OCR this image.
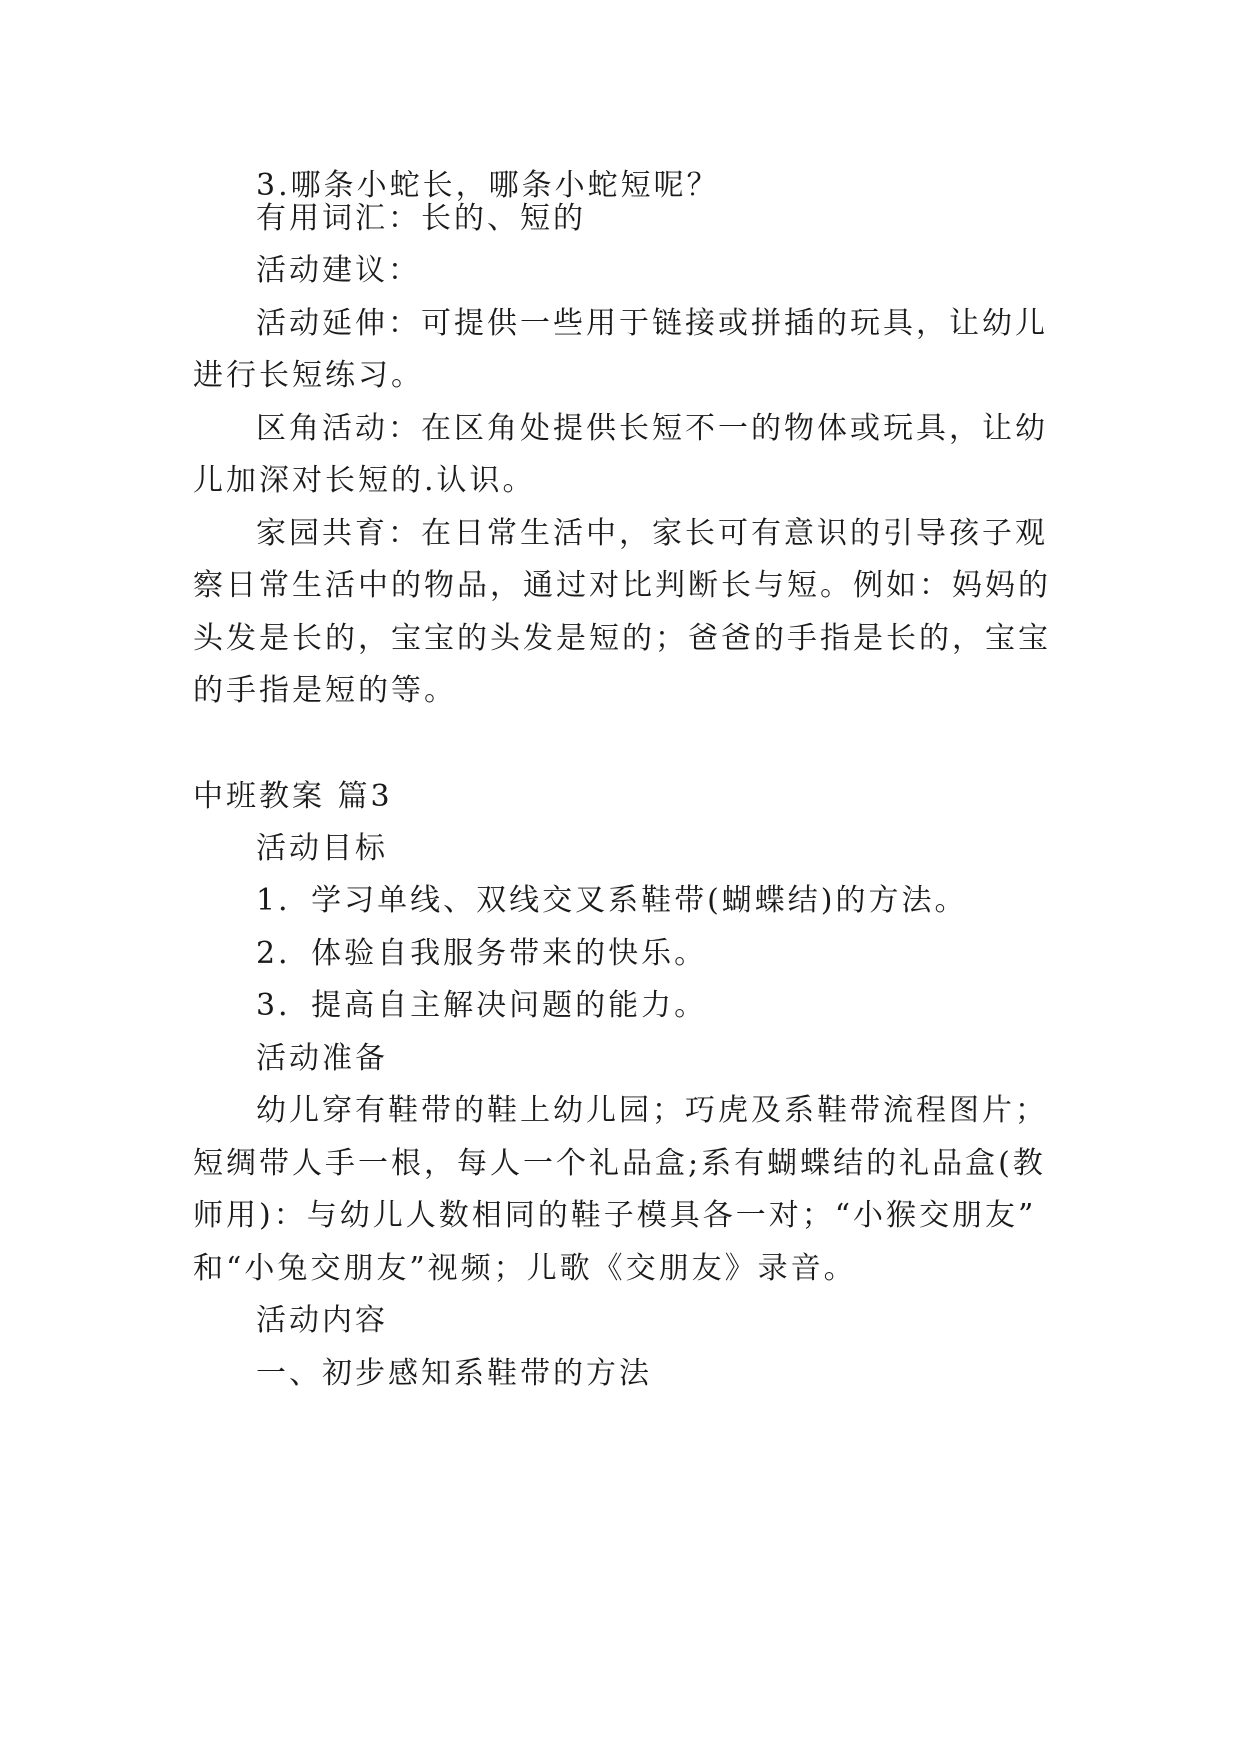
3.哪条小蛇长，哪条小蛇短呢？
有用词汇：长的、短的
活动建议：
活动延伸：可提供一些用于链接或拼插的玩具，让幼儿
进行长短练习。
区角活动：在区角处提供长短不一的物体或玩具，让幼
儿加深对长短的.认识。
家园共育：在日常生活中，家长可有意识的引导孩子观
察日常生活中的物品，通过对比判断长与短。例如：妈妈的
头发是长的，宝宝的头发是短的；爸爸的手指是长的，宝宝
的手指是短的等。
中班教案 篇3
活动目标
1．学习单线、双线交叉系鞋带(蝴蝶结)的方法。
2．体验自我服务带来的快乐。
3．提高自主解决问题的能力。
活动准备
幼儿穿有鞋带的鞋上幼儿园；巧虎及系鞋带流程图片；
短绸带人手一根，每人一个礼品盒;系有蝴蝶结的礼品盒(教
师用)：与幼儿人数相同的鞋子模具各一对；“小猴交朋友”
和“小兔交朋友”视频；儿歌《交朋友》录音。
活动内容
一、初步感知系鞋带的方法
